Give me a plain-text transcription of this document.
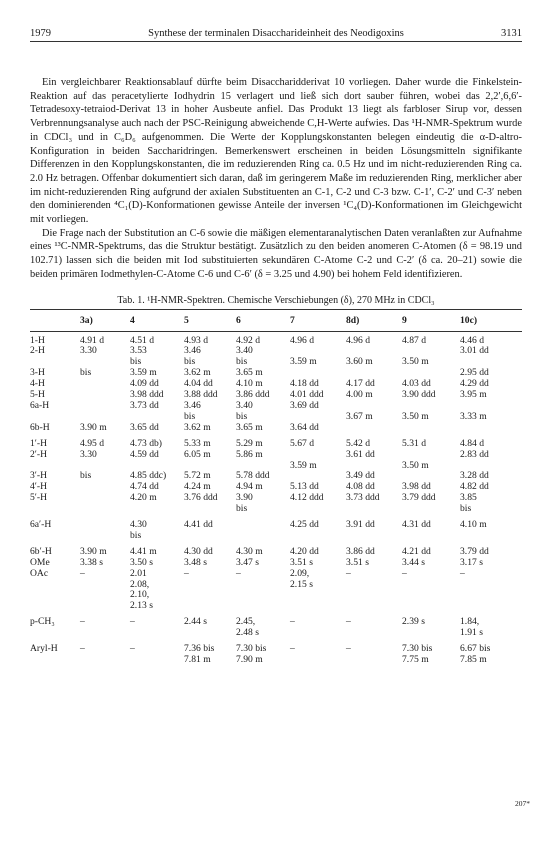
1979	Synthese der terminalen Disaccharideinheit des Neodigoxins	3131

Ein vergleichbarer Reaktionsablauf dürfte beim Disaccharidderivat 10 vorliegen. Daher wurde die Finkelstein-Reaktion auf das peracetylierte Iodhydrin 15 verlagert und ließ sich dort sauber führen, wobei das 2,2′,6,6′-Tetradesoxy-tetraiod-Derivat 13 in hoher Ausbeute anfiel. Das Produkt 13 liegt als farbloser Sirup vor, dessen Verbrennungsanalyse auch nach der PSC-Reinigung abweichende C,H-Werte aufwies. Das ¹H-NMR-Spektrum wurde in CDCl₃ und in C₆D₆ aufgenommen. Die Werte der Kopplungskonstanten belegen eindeutig die α-D-altro-Konfiguration in beiden Saccharidringen. Bemerkenswert erscheinen in beiden Lösungsmitteln signifikante Differenzen in den Kopplungskonstanten, die im reduzierenden Ring ca. 0.5 Hz und im nicht-reduzierenden Ring ca. 2.0 Hz betragen. Offenbar dokumentiert sich daran, daß im geringerem Maße im reduzierenden Ring, merklicher aber im nicht-reduzierenden Ring aufgrund der axialen Substituenten an C-1, C-2 und C-3 bzw. C-1′, C-2′ und C-3′ neben den dominierenden ⁴C₁(D)-Konformationen gewisse Anteile der inversen ¹C₄(D)-Konformationen im Gleichgewicht mit vorliegen.

Die Frage nach der Substitution an C-6 sowie die mäßigen elementaranalytischen Daten veranlaßten zur Aufnahme eines ¹³C-NMR-Spektrums, das die Struktur bestätigt. Zusätzlich zu den beiden anomeren C-Atomen (δ = 98.19 und 102.71) lassen sich die beiden mit Iod substituierten sekundären C-Atome C-2 und C-2′ (δ ca. 20–21) sowie die beiden primären Iodmethylen-C-Atome C-6 und C-6′ (δ = 3.25 und 4.90) bei hohem Feld identifizieren.

Tab. 1. ¹H-NMR-Spektren. Chemische Verschiebungen (δ), 270 MHz in CDCl₃
	3a)	4	5	6	7	8d)	9	10c)
1-H	4.91 d	4.51 d	4.93 d	4.92 d	4.96 d	4.96 d	4.87 d	4.46 d
2-H	3.30	3.53	3.46	3.40				3.01 dd
		bis	bis	bis	3.59 m	3.60 m	3.50 m	
3-H	bis	3.59 m	3.62 m	3.65 m				2.95 dd
4-H		4.09 dd	4.04 dd	4.10 m	4.18 dd	4.17 dd	4.03 dd	4.29 dd
5-H		3.98 ddd	3.88 ddd	3.86 ddd	4.01 ddd	4.00 m	3.90 ddd	3.95 m
6a-H		3.73 dd	3.46	3.40	3.69 dd			
			bis	bis		3.67 m	3.50 m	3.33 m
6b-H	3.90 m	3.65 dd	3.62 m	3.65 m	3.64 dd			
1′-H	4.95 d	4.73 db)	5.33 m	5.29 m	5.67 d	5.42 d	5.31 d	4.84 d
2′-H	3.30	4.59 dd	6.05 m	5.86 m		3.61 dd		2.83 dd
					3.59 m		3.50 m	
3′-H	bis	4.85 ddc)	5.72 m	5.78 ddd		3.49 dd		3.28 dd
4′-H		4.74 dd	4.24 m	4.94 m	5.13 dd	4.08 dd	3.98 dd	4.82 dd
5′-H		4.20 m	3.76 ddd	3.90	4.12 ddd	3.73 ddd	3.79 ddd	3.85
				bis				bis
6a′-H		4.30	4.41 dd		4.25 dd	3.91 dd	4.31 dd	4.10 m
		bis						
6b′-H	3.90 m	4.41 m	4.30 dd	4.30 m	4.20 dd	3.86 dd	4.21 dd	3.79 dd
OMe	3.38 s	3.50 s	3.48 s	3.47 s	3.51 s	3.51 s	3.44 s	3.17 s
OAc	–	2.01	–	–	2.09,	–	–	–
		2.08,			2.15 s			
		2.10,						
		2.13 s						
p-CH₃	–	–	2.44 s	2.45,	–	–	2.39 s	1.84,
				2.48 s				1.91 s
Aryl-H	–	–	7.36 bis	7.30 bis	–	–	7.30 bis	6.67 bis
			7.81 m	7.90 m			7.75 m	7.85 m
207*
